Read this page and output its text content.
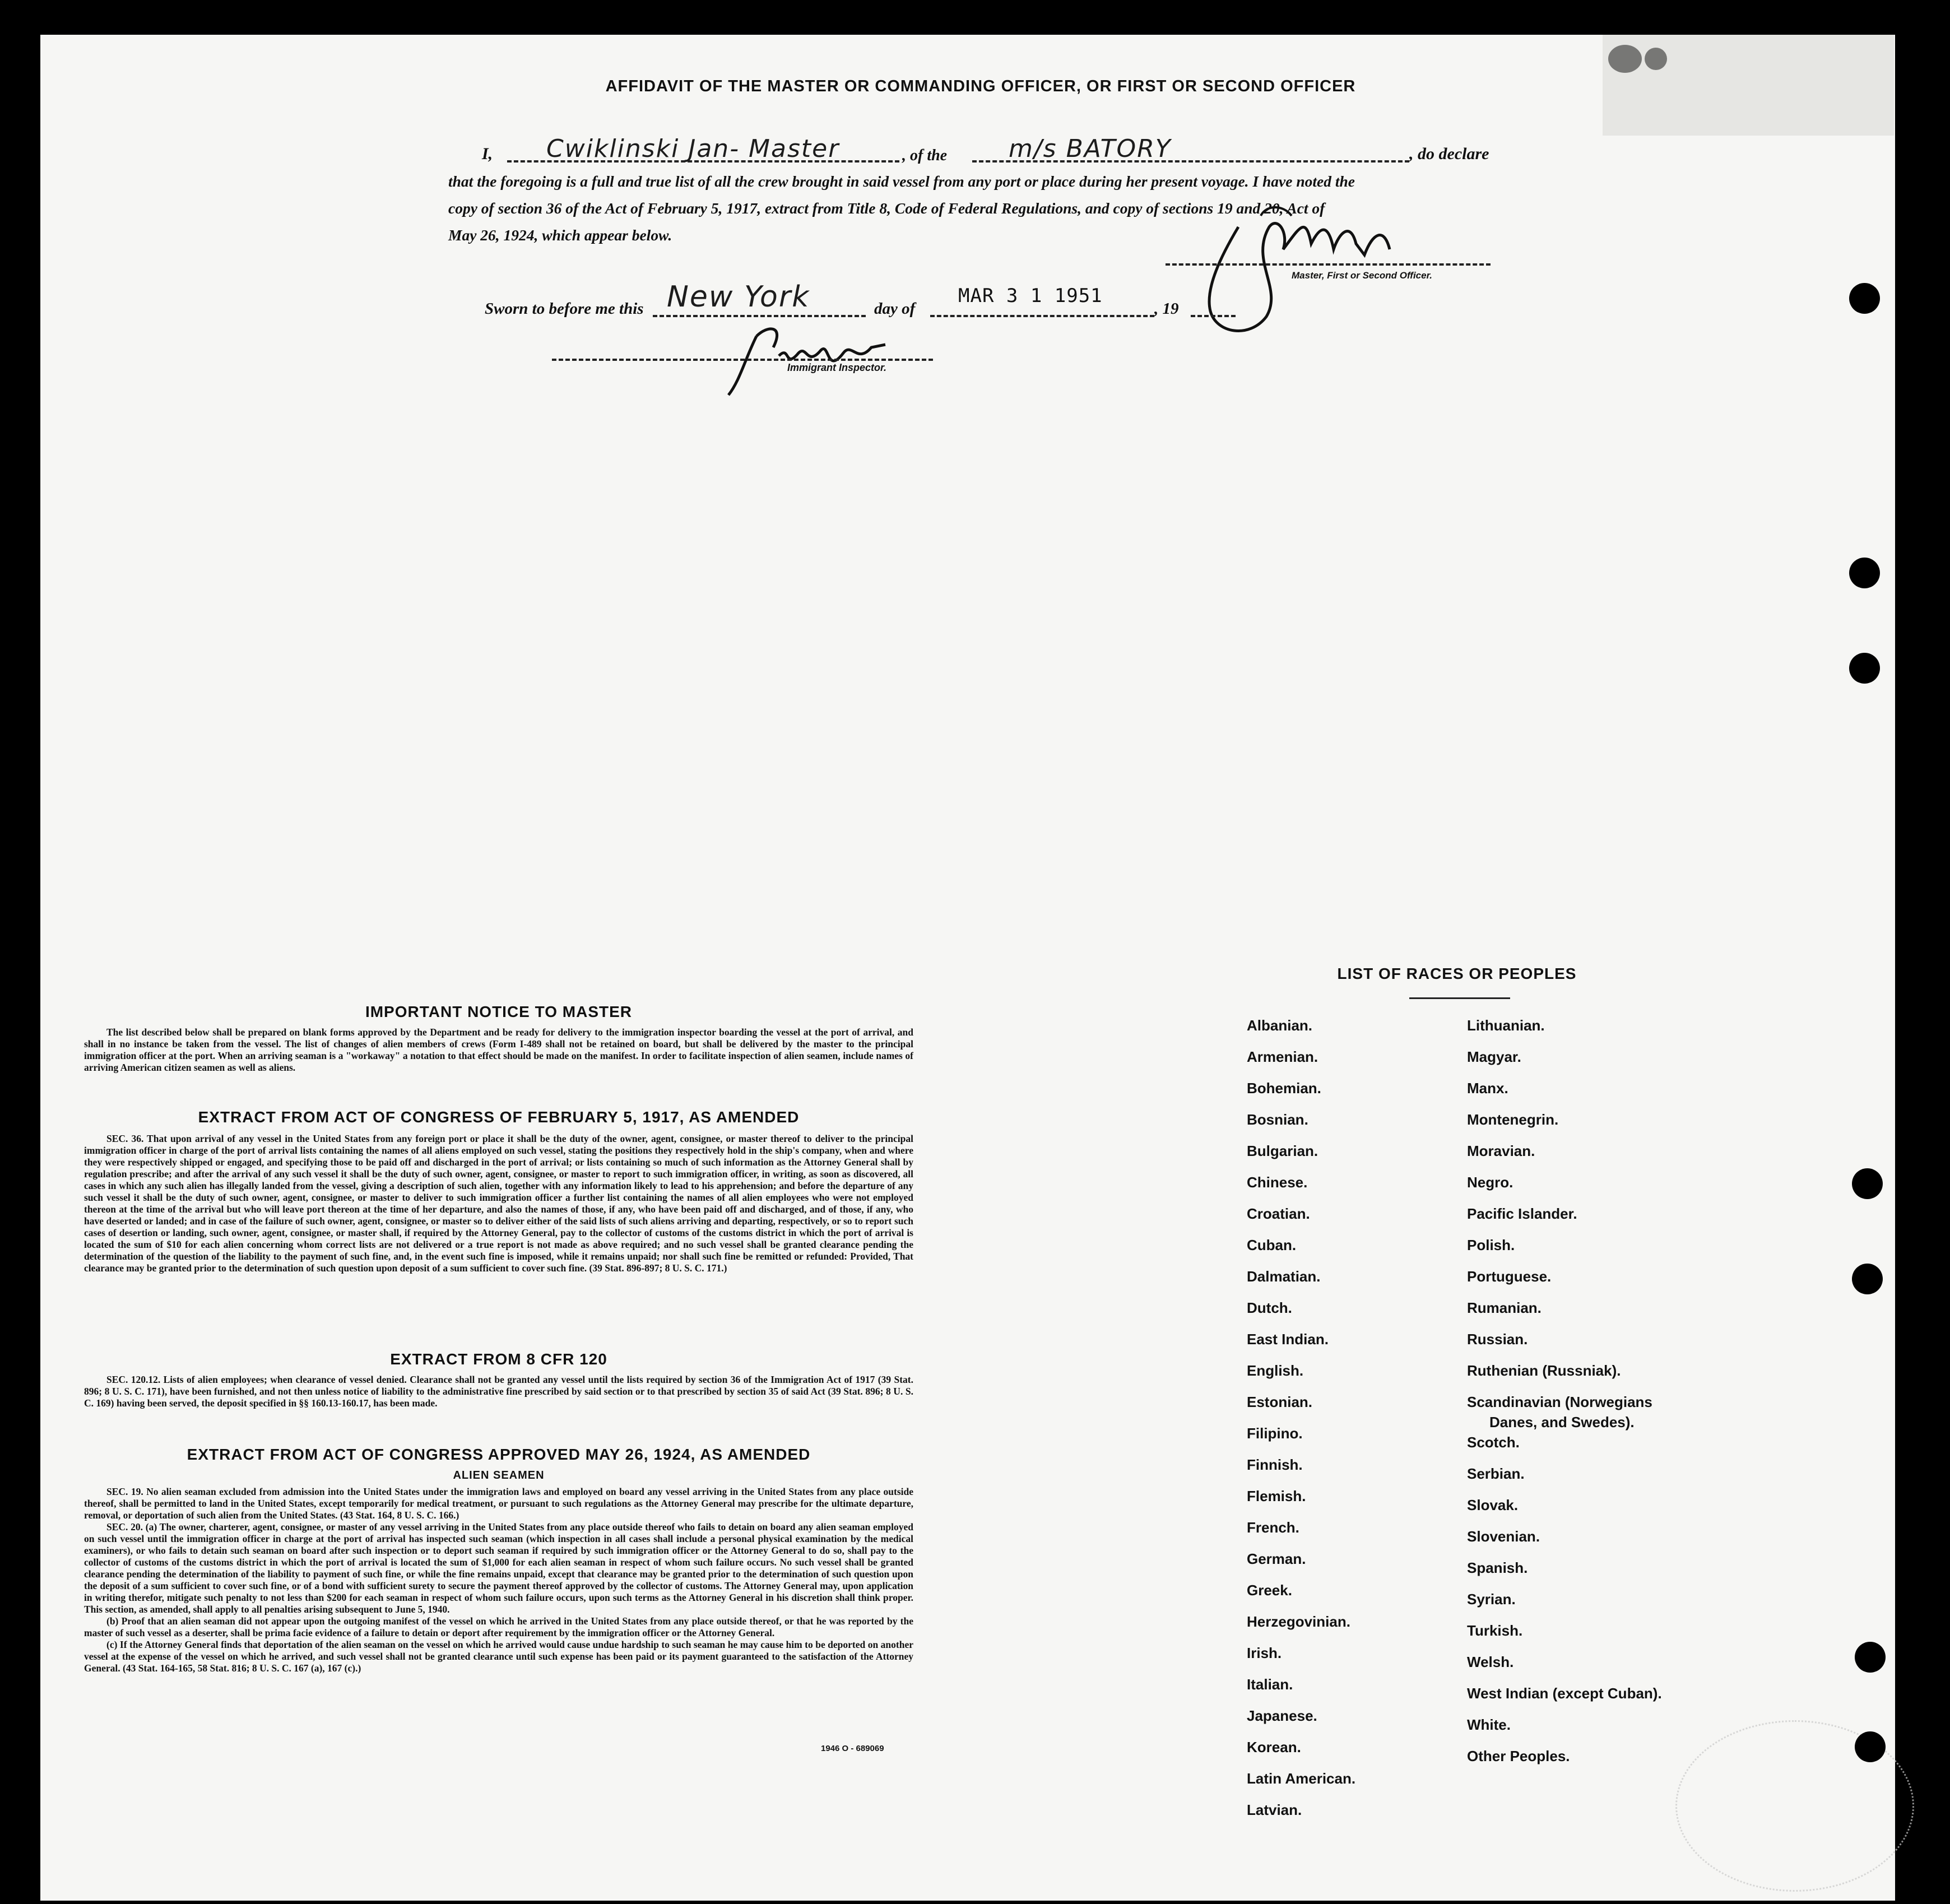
AFFIDAVIT OF THE MASTER OR COMMANDING OFFICER, OR FIRST OR SECOND OFFICER
I, Cwiklinski Jan- Master	, of the m/s BATORY	, do declare
that the foregoing is a full and true list of all the crew brought in said vessel from any port or place during her present voyage. I have noted the
copy of section 36 of the Act of February 5, 1917, extract from Title 8, Code of Federal Regulations, and copy of sections 19 and 20, Act of
May 26, 1924, which appear below.
Master, First or Second Officer.
Sworn to before me this New York	day of
MAR 3 1 1951
, 19
Immigrant Inspector.
IMPORTANT NOTICE TO MASTER

The list described below shall be prepared on blank forms approved by the Department and be ready for delivery to the immigration inspector boarding the vessel at the port of arrival, and shall in no instance be taken from the vessel. The list of changes of alien members of crews (Form I-489 shall not be retained on board, but shall be delivered by the master to the principal immigration officer at the port. When an arriving seaman is a "workaway" a notation to that effect should be made on the manifest. In order to facilitate inspection of alien seamen, include names of arriving American citizen seamen as well as aliens.

EXTRACT FROM ACT OF CONGRESS OF FEBRUARY 5, 1917, AS AMENDED

SEC. 36. That upon arrival of any vessel in the United States from any foreign port or place it shall be the duty of the owner, agent, consignee, or master thereof to deliver to the principal immigration officer in charge of the port of arrival lists containing the names of all aliens employed on such vessel, stating the positions they respectively hold in the ship's company, when and where they were respectively shipped or engaged, and specifying those to be paid off and discharged in the port of arrival; or lists containing so much of such information as the Attorney General shall by regulation prescribe; and after the arrival of any such vessel it shall be the duty of such owner, agent, consignee, or master to report to such immigration officer, in writing, as soon as discovered, all cases in which any such alien has illegally landed from the vessel, giving a description of such alien, together with any information likely to lead to his apprehension; and before the departure of any such vessel it shall be the duty of such owner, agent, consignee, or master to deliver to such immigration officer a further list containing the names of all alien employees who were not employed thereon at the time of the arrival but who will leave port thereon at the time of her departure, and also the names of those, if any, who have been paid off and discharged, and of those, if any, who have deserted or landed; and in case of the failure of such owner, agent, consignee, or master so to deliver either of the said lists of such aliens arriving and departing, respectively, or so to report such cases of desertion or landing, such owner, agent, consignee, or master shall, if required by the Attorney General, pay to the collector of customs of the customs district in which the port of arrival is located the sum of $10 for each alien concerning whom correct lists are not delivered or a true report is not made as above required; and no such vessel shall be granted clearance pending the determination of the question of the liability to the payment of such fine, and, in the event such fine is imposed, while it remains unpaid; nor shall such fine be remitted or refunded: Provided, That clearance may be granted prior to the determination of such question upon deposit of a sum sufficient to cover such fine. (39 Stat. 896-897; 8 U. S. C. 171.)

EXTRACT FROM 8 CFR 120

SEC. 120.12. Lists of alien employees; when clearance of vessel denied. Clearance shall not be granted any vessel until the lists required by section 36 of the Immigration Act of 1917 (39 Stat. 896; 8 U. S. C. 171), have been furnished, and not then unless notice of liability to the administrative fine prescribed by said section or to that prescribed by section 35 of said Act (39 Stat. 896; 8 U. S. C. 169) having been served, the deposit specified in §§ 160.13-160.17, has been made.

EXTRACT FROM ACT OF CONGRESS APPROVED MAY 26, 1924, AS AMENDED
ALIEN SEAMEN

SEC. 19. No alien seaman excluded from admission into the United States under the immigration laws and employed on board any vessel arriving in the United States from any place outside thereof, shall be permitted to land in the United States, except temporarily for medical treatment, or pursuant to such regulations as the Attorney General may prescribe for the ultimate departure, removal, or deportation of such alien from the United States. (43 Stat. 164, 8 U. S. C. 166.)

SEC. 20. (a) The owner, charterer, agent, consignee, or master of any vessel arriving in the United States from any place outside thereof who fails to detain on board any alien seaman employed on such vessel until the immigration officer in charge at the port of arrival has inspected such seaman (which inspection in all cases shall include a personal physical examination by the medical examiners), or who fails to detain such seaman on board after such inspection or to deport such seaman if required by such immigration officer or the Attorney General to do so, shall pay to the collector of customs of the customs district in which the port of arrival is located the sum of $1,000 for each alien seaman in respect of whom such failure occurs. No such vessel shall be granted clearance pending the determination of the liability to payment of such fine, or while the fine remains unpaid, except that clearance may be granted prior to the determination of such question upon the deposit of a sum sufficient to cover such fine, or of a bond with sufficient surety to secure the payment thereof approved by the collector of customs. The Attorney General may, upon application in writing therefor, mitigate such penalty to not less than $200 for each seaman in respect of whom such failure occurs, upon such terms as the Attorney General in his discretion shall think proper. This section, as amended, shall apply to all penalties arising subsequent to June 5, 1940.

(b) Proof that an alien seaman did not appear upon the outgoing manifest of the vessel on which he arrived in the United States from any place outside thereof, or that he was reported by the master of such vessel as a deserter, shall be prima facie evidence of a failure to detain or deport after requirement by the immigration officer or the Attorney General.

(c) If the Attorney General finds that deportation of the alien seaman on the vessel on which he arrived would cause undue hardship to such seaman he may cause him to be deported on another vessel at the expense of the vessel on which he arrived, and such vessel shall not be granted clearance until such expense has been paid or its payment guaranteed to the satisfaction of the Attorney General. (43 Stat. 164-165, 58 Stat. 816; 8 U. S. C. 167 (a), 167 (c).)

1946 O - 689069
LIST OF RACES OR PEOPLES
Albanian.
Armenian.
Bohemian.
Bosnian.
Bulgarian.
Chinese.
Croatian.
Cuban.
Dalmatian.
Dutch.
East Indian.
English.
Estonian.
Filipino.
Finnish.
Flemish.
French.
German.
Greek.
Herzegovinian.
Irish.
Italian.
Japanese.
Korean.
Latin American.
Latvian.
Lithuanian.
Magyar.
Manx.
Montenegrin.
Moravian.
Negro.
Pacific Islander.
Polish.
Portuguese.
Rumanian.
Russian.
Ruthenian (Russniak).
Scandinavian (Norwegians
Danes, and Swedes).
Scotch.
Serbian.
Slovak.
Slovenian.
Spanish.
Syrian.
Turkish.
Welsh.
West Indian (except Cuban).
White.
Other Peoples.
